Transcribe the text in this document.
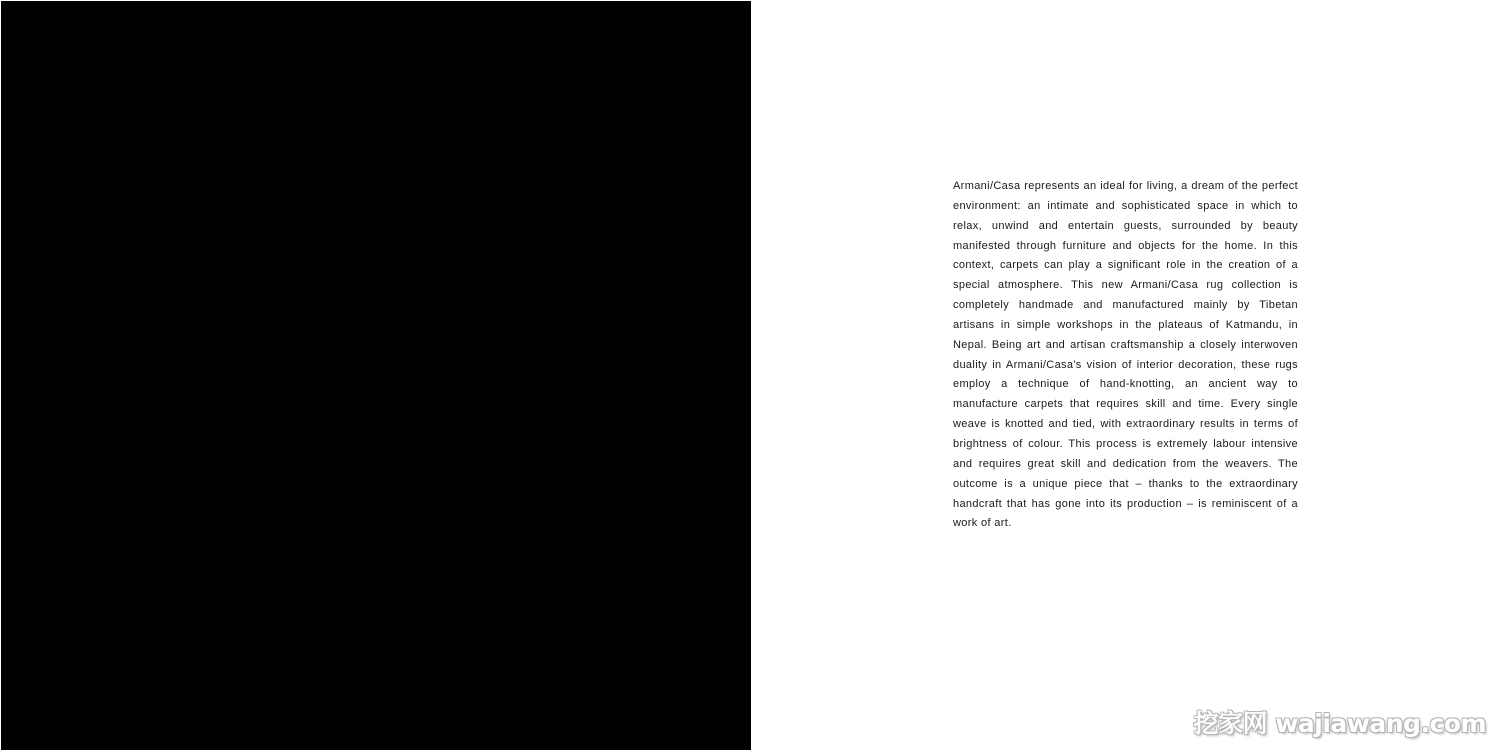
Armani/Casa represents an ideal for living, a dream of the perfect environment: an intimate and sophisticated space in which to relax, unwind and entertain guests, surrounded by beauty manifested through furniture and objects for the home. In this context, carpets can play a significant role in the creation of a special atmosphere. This new Armani/Casa rug collection is completely handmade and manufactured mainly by Tibetan artisans in simple workshops in the plateaus of Katmandu, in Nepal. Being art and artisan craftsmanship a closely interwoven duality in Armani/Casa's vision of interior decoration, these rugs employ a technique of hand-knotting, an ancient way to manufacture carpets that requires skill and time. Every single weave is knotted and tied, with extraordinary results in terms of brightness of colour. This process is extremely labour intensive and requires great skill and dedication from the weavers. The outcome is a unique piece that – thanks to the extraordinary handcraft that has gone into its production – is reminiscent of a work of art.

挖家网 wajiawang.com
